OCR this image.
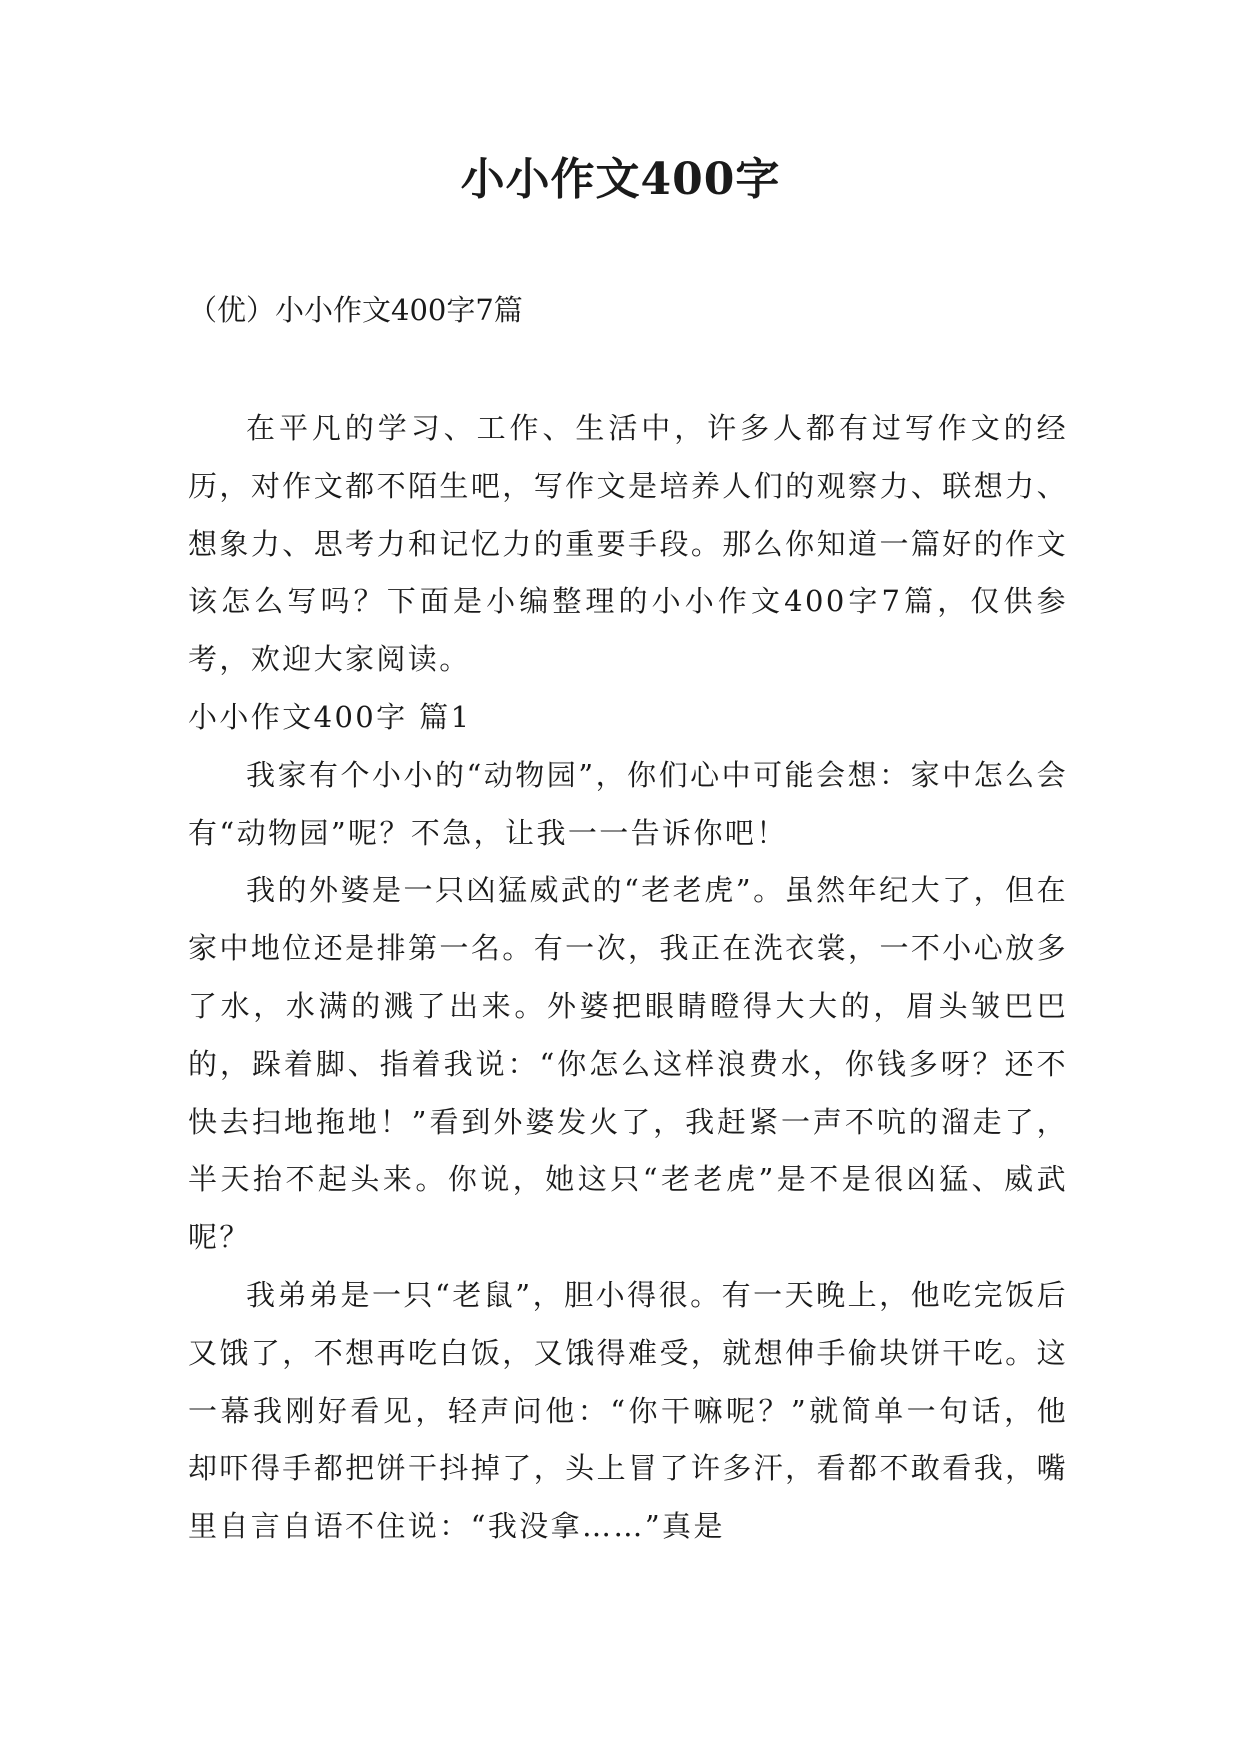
小小作文400字

（优）小小作文400字7篇

在平凡的学习、工作、生活中，许多人都有过写作文的经历，对作文都不陌生吧，写作文是培养人们的观察力、联想力、想象力、思考力和记忆力的重要手段。那么你知道一篇好的作文该怎么写吗？下面是小编整理的小小作文400字7篇，仅供参考，欢迎大家阅读。

小小作文400字 篇1

我家有个小小的“动物园”，你们心中可能会想：家中怎么会有“动物园”呢？不急，让我一一告诉你吧！

我的外婆是一只凶猛威武的“老老虎”。虽然年纪大了，但在家中地位还是排第一名。有一次，我正在洗衣裳，一不小心放多了水，水满的溅了出来。外婆把眼睛瞪得大大的，眉头皱巴巴的，跺着脚、指着我说：“你怎么这样浪费水，你钱多呀？还不快去扫地拖地！”看到外婆发火了，我赶紧一声不吭的溜走了，半天抬不起头来。你说，她这只“老老虎”是不是很凶猛、威武呢？

我弟弟是一只“老鼠”，胆小得很。有一天晚上，他吃完饭后又饿了，不想再吃白饭，又饿得难受，就想伸手偷块饼干吃。这一幕我刚好看见，轻声问他：“你干嘛呢？”就简单一句话，他却吓得手都把饼干抖掉了，头上冒了许多汗，看都不敢看我，嘴里自言自语不住说：“我没拿……”真是
